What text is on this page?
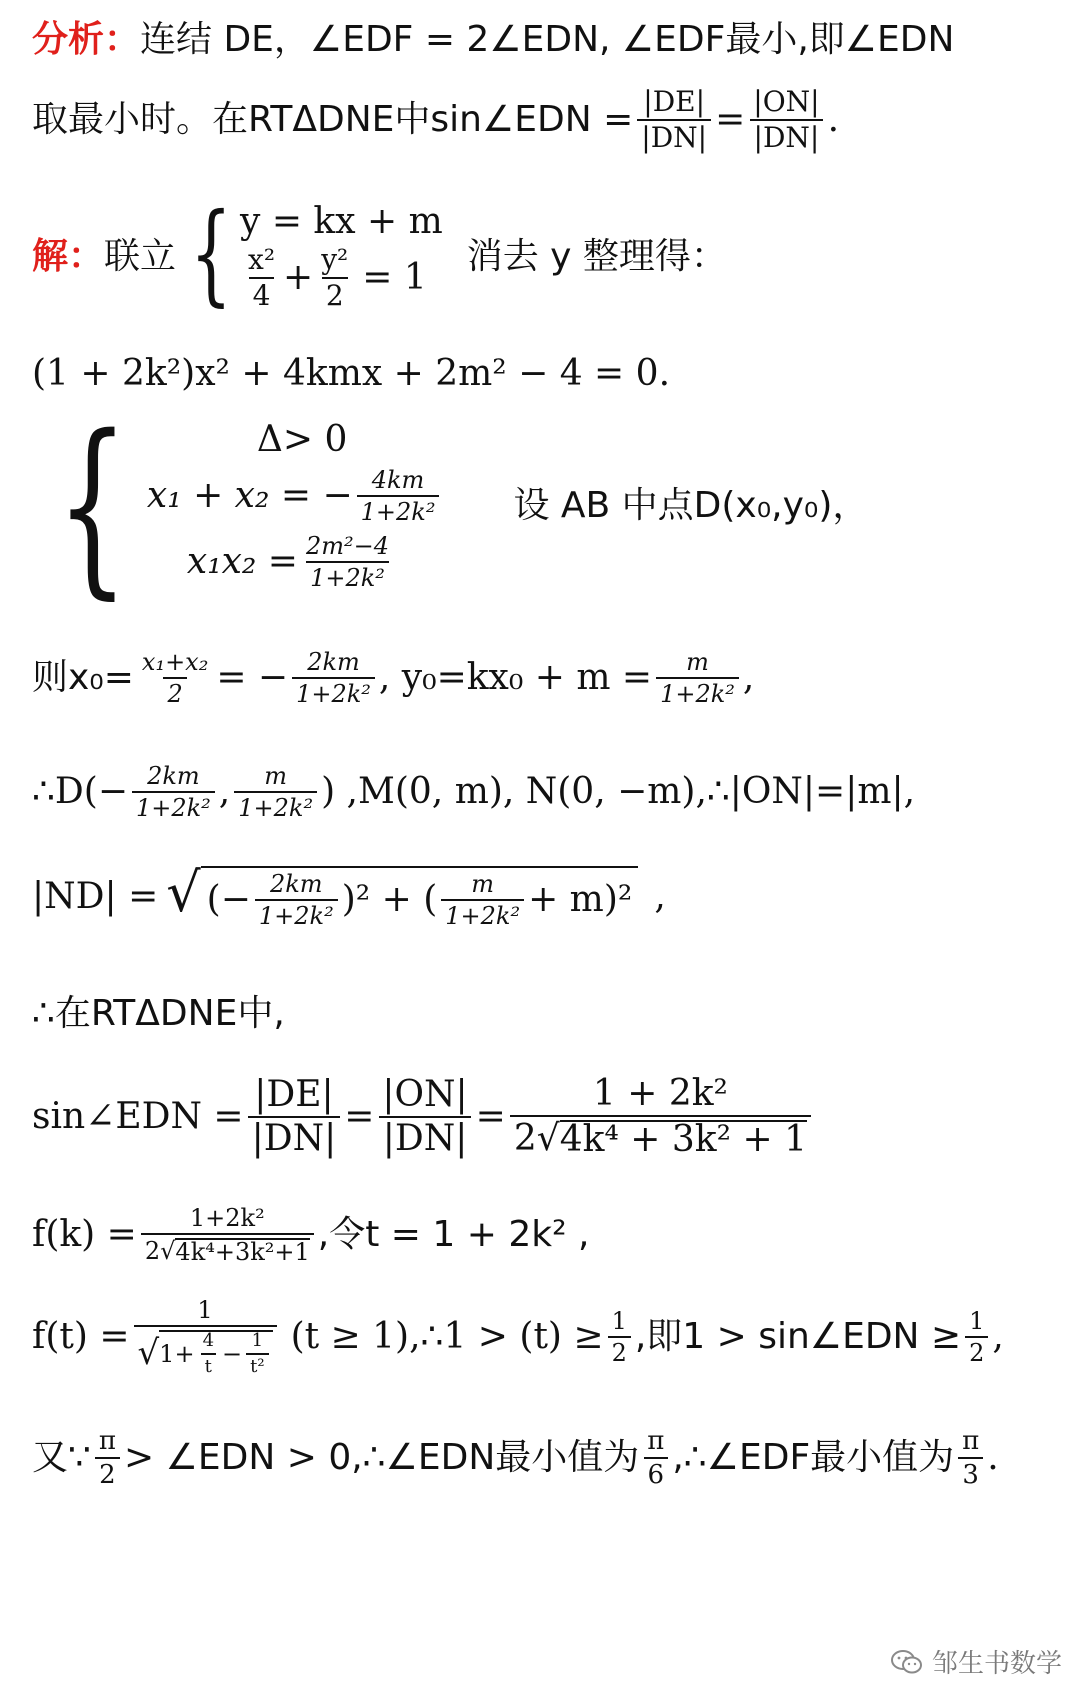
分析： 连结 DE，∠EDF = 2∠EDN, ∠EDF最小,即∠EDN
取最小时。在RTΔDNE中sin∠EDN = $\frac{|DE|}{|DN|} = \frac{|ON|}{|DN|}$ .
解： 联立 { y = kx + m
$\frac{\text{x²}}{4} + \frac{\text{y²}}{2} = 1$
消去 y 整理得：
(1 + 2k²)x² + 4kmx + 2m² − 4 = 0.
{	Δ> 0
x₁ + x₂ = − $\frac{4km}{\text{1+2k²}}$
$x_1x_2 = \frac{\text{2m²−4}}{\text{1+2k²}}$
设 AB 中点D(x₀,y₀)，
则$x_0= \frac{\text{x₁+x₂}}{2}$ = − $\frac{2km}{\text{1+2k²}}$ , $y_0=kx_0 + m = \frac{m}{\text{1+2k²}}$ ,
∴D(− $\frac{2km}{\text{1+2k²}}$ , $\frac{m}{\text{1+2k²}}$ ) ,M(0, m), N(0, −m),∴|ON|=|m|,
|ND| = √ (− $\frac{2km}{\text{1+2k²}} )^2$ + ( $\frac{m}{\text{1+2k²}} + m)^2$ ,
∴在RTΔDNE中,
sin∠EDN = $\frac{|DE|}{|DN|} = \frac{|ON|}{|DN|} = \frac{\text{1 + 2k²}}{\text{2 √ 4k⁴ + 3k² + 1}}$
$f(k) = \frac{\text{1+2k²}}{\text{2 √ 4k⁴+3k²+1}}$ ,令t = 1 + 2k² ,
$f(t) = \frac{1}{√ 1+ \frac{4}{t} - \frac{1}{\text{t²}}} (t$ ≥ 1),∴1 > $(t) \ge \frac{1}{2}$ ,即1 > sin∠EDN ≥ $\frac{1}{2}$ ,
又∵ $\frac{\pi}{2}$ > ∠EDN > 0,∴∠EDN最小值为 $\frac{\pi}{6}$ ,∴∠EDF最小值为 $\frac{\pi}{3}$ .
邹生书数学
